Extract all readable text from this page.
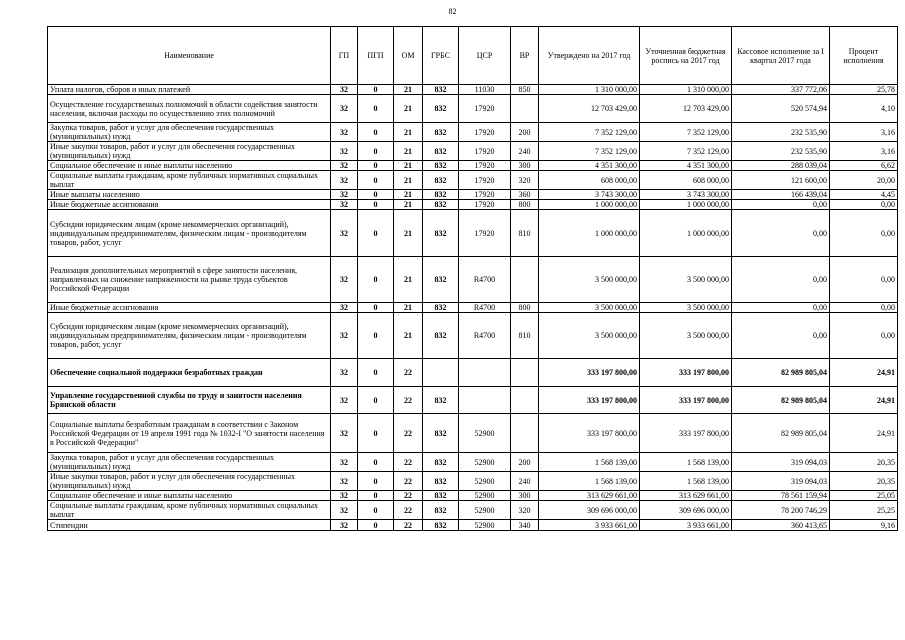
82
Наименование	ГП	ПГП	ОМ	ГРБС	ЦСР	ВР	Утверждено на 2017 год	Уточненная бюджетная роспись на 2017 год	Кассовое исполнение за I квартал 2017 года	Процент исполнения
Уплата налогов, сборов и иных платежей	32	0	21	832	11030	850	1 310 000,00	1 310 000,00	337 772,06	25,78
Осуществление государственных полномочий в области содействия занятости населения, включая расходы по осуществлению этих полномочий	32	0	21	832	17920		12 703 429,00	12 703 429,00	520 574,94	4,10
Закупка товаров, работ и услуг для обеспечения государственных (муниципальных) нужд	32	0	21	832	17920	200	7 352 129,00	7 352 129,00	232 535,90	3,16
Иные закупки товаров, работ и услуг для обеспечения государственных (муниципальных) нужд	32	0	21	832	17920	240	7 352 129,00	7 352 129,00	232 535,90	3,16
Социальное обеспечение и иные выплаты населению	32	0	21	832	17920	300	4 351 300,00	4 351 300,00	288 039,04	6,62
Социальные выплаты гражданам, кроме публичных нормативных социальных выплат	32	0	21	832	17920	320	608 000,00	608 000,00	121 600,00	20,00
Иные выплаты населению	32	0	21	832	17920	360	3 743 300,00	3 743 300,00	166 439,04	4,45
Иные бюджетные ассигнования	32	0	21	832	17920	800	1 000 000,00	1 000 000,00	0,00	0,00
Субсидии юридическим лицам (кроме некоммерческих организаций), индивидуальным предпринимателям, физическим лицам - производителям товаров, работ, услуг	32	0	21	832	17920	810	1 000 000,00	1 000 000,00	0,00	0,00
Реализация дополнительных мероприятий в сфере занятости населения, направленных на снижение напряженности на рынке труда субъектов Российской Федерации	32	0	21	832	R4700		3 500 000,00	3 500 000,00	0,00	0,00
Иные бюджетные ассигнования	32	0	21	832	R4700	800	3 500 000,00	3 500 000,00	0,00	0,00
Субсидии юридическим лицам (кроме некоммерческих организаций), индивидуальным предпринимателям, физическим лицам - производителям товаров, работ, услуг	32	0	21	832	R4700	810	3 500 000,00	3 500 000,00	0,00	0,00
Обеспечение социальной поддержки безработных граждан	32	0	22				333 197 800,00	333 197 800,00	82 989 805,04	24,91
Управление государственной службы по труду и занятости населения Брянской области	32	0	22	832			333 197 800,00	333 197 800,00	82 989 805,04	24,91
Социальные выплаты безработным гражданам в соответствии с Законом Российской Федерации от 19 апреля 1991 года № 1032-I "О занятости населения в Российской Федерации"	32	0	22	832	52900		333 197 800,00	333 197 800,00	82 989 805,04	24,91
Закупка товаров, работ и услуг для обеспечения государственных (муниципальных) нужд	32	0	22	832	52900	200	1 568 139,00	1 568 139,00	319 094,03	20,35
Иные закупки товаров, работ и услуг для обеспечения государственных (муниципальных) нужд	32	0	22	832	52900	240	1 568 139,00	1 568 139,00	319 094,03	20,35
Социальное обеспечение и иные выплаты населению	32	0	22	832	52900	300	313 629 661,00	313 629 661,00	78 561 159,94	25,05
Социальные выплаты гражданам, кроме публичных нормативных социальных выплат	32	0	22	832	52900	320	309 696 000,00	309 696 000,00	78 200 746,29	25,25
Стипендии	32	0	22	832	52900	340	3 933 661,00	3 933 661,00	360 413,65	9,16
